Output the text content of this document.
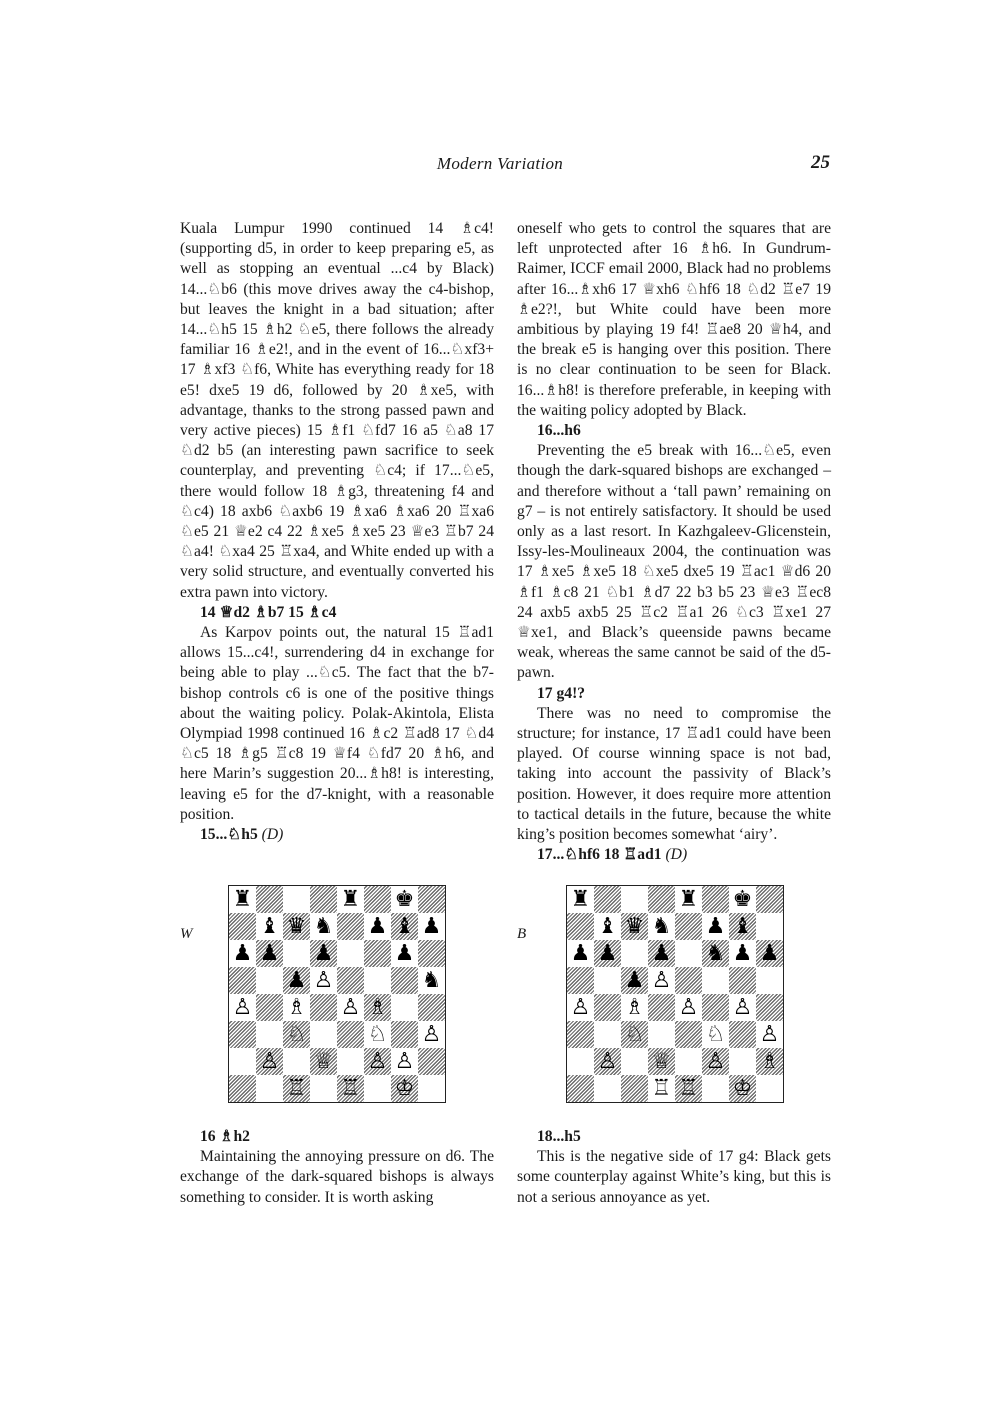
Modern Variation	25

Kuala Lumpur 1990 continued 14 ♗c4! (supporting d5, in order to keep preparing e5, as well as stopping an eventual ...c4 by Black) 14...♘b6 (this move drives away the c4-bishop, but leaves the knight in a bad situation; after 14...♘h5 15 ♗h2 ♘e5, there follows the already familiar 16 ♗e2!, and in the event of 16...♘xf3+ 17 ♗xf3 ♘f6, White has everything ready for 18 e5! dxe5 19 d6, followed by 20 ♗xe5, with advantage, thanks to the strong passed pawn and very active pieces) 15 ♗f1 ♘fd7 16 a5 ♘a8 17 ♘d2 b5 (an interesting pawn sacrifice to seek counterplay, and preventing ♘c4; if 17...♘e5, there would follow 18 ♗g3, threatening f4 and ♘c4) 18 axb6 ♘axb6 19 ♗xa6 ♗xa6 20 ♖xa6 ♘e5 21 ♕e2 c4 22 ♗xe5 ♗xe5 23 ♕e3 ♖b7 24 ♘a4! ♘xa4 25 ♖xa4, and White ended up with a very solid structure, and eventually converted his extra pawn into victory.

14 ♕d2 ♗b7 15 ♗c4

As Karpov points out, the natural 15 ♖ad1 allows 15...c4!, surrendering d4 in exchange for being able to play ...♘c5. The fact that the b7-bishop controls c6 is one of the positive things about the waiting policy. Polak-Akintola, Elista Olympiad 1998 continued 16 ♗c2 ♖ad8 17 ♘d4 ♘c5 18 ♗g5 ♖c8 19 ♕f4 ♘fd7 20 ♗h6, and here Marin’s suggestion 20...♗h8! is interesting, leaving e5 for the d7-knight, with a reasonable position.

15...♘h5 (D)

W
♜	♜ ♚
♝ ♛ ♞ ♟ ♝ ♟
♟ ♟ ♟	♟
♟ ♙	♞
♙ ♗ ♙ ♗
♘	♘ ♙
♙ ♕ ♙ ♙
♖ ♖ ♔

16 ♗h2

Maintaining the annoying pressure on d6. The exchange of the dark-squared bishops is always something to consider. It is worth asking

oneself who gets to control the squares that are left unprotected after 16 ♗h6. In Gundrum-Raimer, ICCF email 2000, Black had no problems after 16...♗xh6 17 ♕xh6 ♘hf6 18 ♘d2 ♖e7 19 ♗e2?!, but White could have been more ambitious by playing 19 f4! ♖ae8 20 ♕h4, and the break e5 is hanging over this position. There is no clear continuation to be seen for Black. 16...♗h8! is therefore preferable, in keeping with the waiting policy adopted by Black.

16...h6

Preventing the e5 break with 16...♘e5, even though the dark-squared bishops are exchanged – and therefore without a ‘tall pawn’ remaining on g7 – is not entirely satisfactory. It should be used only as a last resort. In Kazhgaleev-Glicenstein, Issy-les-Moulineaux 2004, the continuation was 17 ♗xe5 ♗xe5 18 ♘xe5 dxe5 19 ♖ac1 ♕d6 20 ♗f1 ♗c8 21 ♘b1 ♗d7 22 b3 b5 23 ♕e3 ♖ec8 24 axb5 axb5 25 ♖c2 ♖a1 26 ♘c3 ♖xe1 27 ♕xe1, and Black’s queenside pawns became weak, whereas the same cannot be said of the d5-pawn.

17 g4!?

There was no need to compromise the structure; for instance, 17 ♖ad1 could have been played. Of course winning space is not bad, taking into account the passivity of Black’s position. However, it does require more attention to tactical details in the future, because the white king’s position becomes somewhat ‘airy’.

17...♘hf6 18 ♖ad1 (D)

B
♜	♜ ♚
♝ ♛ ♞ ♟ ♝
♟ ♟ ♟ ♞ ♟ ♟
♟ ♙
♙ ♗ ♙ ♙
♘	♘ ♙
♙ ♕ ♙ ♗
♖ ♖ ♔

18...h5

This is the negative side of 17 g4: Black gets some counterplay against White’s king, but this is not a serious annoyance as yet.
